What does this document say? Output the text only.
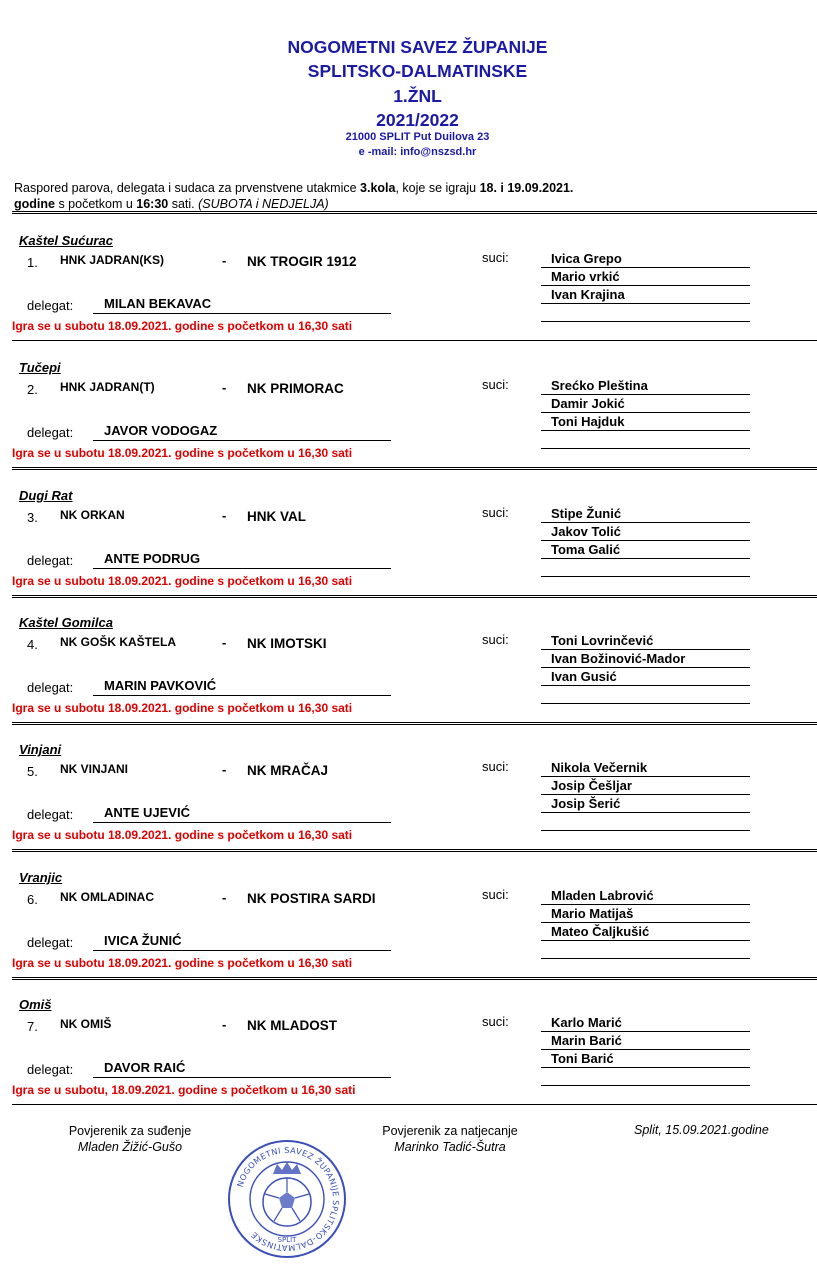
NOGOMETNI SAVEZ ŽUPANIJE
SPLITSKO-DALMATINSKE
1.ŽNL
2021/2022
21000 SPLIT Put Duilova 23
e -mail: info@nszsd.hr
Raspored parova, delegata i sudaca za prvenstvene utakmice 3.kola, koje se igraju 18. i 19.09.2021.
godine s početkom u 16:30 sati. (SUBOTA i NEDJELJA)
Kaštel Sućurac
1. HNK JADRAN(KS)	- NK TROGIR 1912	suci:	Ivica Grepo
Mario vrkić
Ivan Krajina
delegat: MILAN BEKAVAC
Igra se u subotu 18.09.2021. godine s početkom u 16,30 sati
Tučepi
2. HNK JADRAN(T)	- NK PRIMORAC	suci:	Srećko Pleština
Damir Jokić
Toni Hajduk
delegat: JAVOR VODOGAZ
Igra se u subotu 18.09.2021. godine s početkom u 16,30 sati
Dugi Rat
3. NK ORKAN	- HNK VAL	suci:	Stipe Žunić
Jakov Tolić
Toma Galić
delegat: ANTE PODRUG
Igra se u subotu 18.09.2021. godine s početkom u 16,30 sati
Kaštel Gomilca
4. NK GOŠK KAŠTELA	- NK IMOTSKI	suci:	Toni Lovrinčević
Ivan Božinović-Mador
Ivan Gusić
delegat: MARIN PAVKOVIĆ
Igra se u subotu 18.09.2021. godine s početkom u 16,30 sati
Vinjani
5. NK VINJANI	- NK MRAČAJ	suci:	Nikola Večernik
Josip Češljar
Josip Šerić
delegat: ANTE UJEVIĆ
Igra se u subotu 18.09.2021. godine s početkom u 16,30 sati
Vranjic
6. NK OMLADINAC	- NK POSTIRA SARDI	suci:	Mladen Labrović
Mario Matijaš
Mateo Čaljkušić
delegat: IVICA ŽUNIĆ
Igra se u subotu 18.09.2021. godine s početkom u 16,30 sati
Omiš
7. NK OMIŠ	- NK MLADOST	suci:	Karlo Marić
Marin Barić
Toni Barić
delegat: DAVOR RAIĆ
Igra se u subotu, 18.09.2021. godine s početkom u 16,30 sati
Povjerenik za suđenje
Mladen Žižić-Gušo
Povjerenik za natjecanje
Marinko Tadić-Šutra
Split, 15.09.2021.godine
NOGOMETNI SAVEZ ŽUPANIJE SPLITSKO-DALMATINSKE	SPLIT
